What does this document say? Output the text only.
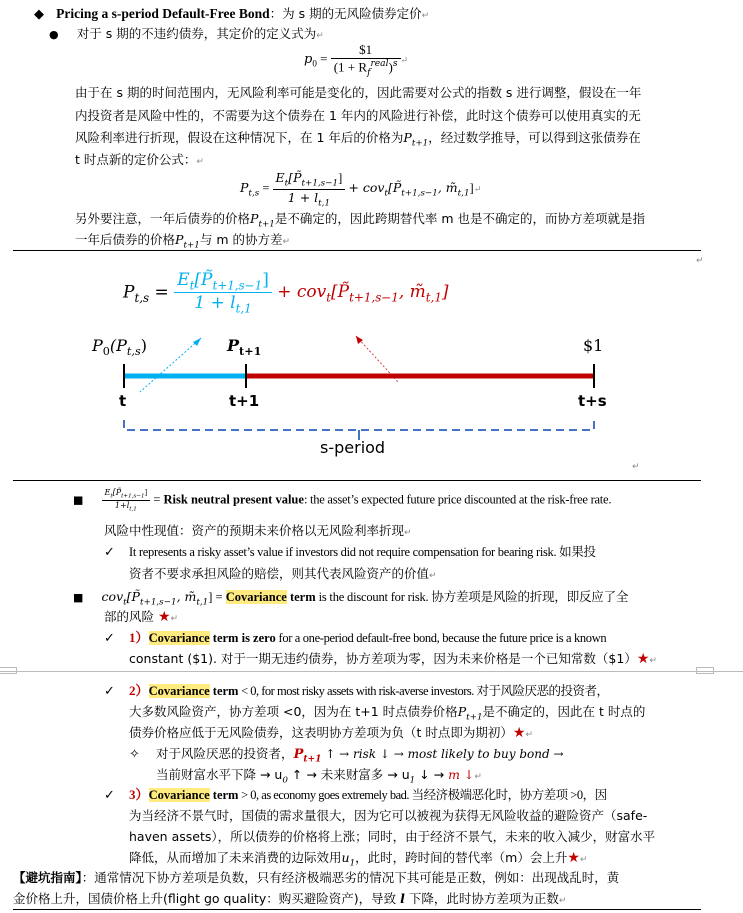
◆ Pricing a s-period Default-Free Bond：为 s 期的无风险债券定价↵
● 对于 s 期的不违约债券，其定价的定义式为↵
$p_0 = \frac{\$1}{(1 + R_f^{real})^s}$ ↵
由于在 s 期的时间范围内，无风险利率可能是变化的，因此需要对公式的指数 s 进行调整，假设在一年
内投资者是风险中性的，不需要为这个债券在 1 年内的风险进行补偿，此时这个债券可以使用真实的无
风险利率进行折现，假设在这种情况下，在 1 年后的价格为$P_{t+1}$，经过数学推导，可以得到这张债券在
t 时点新的定价公式：↵
$P_{t,s} = \frac{E_t[P̃_{t+1,s-1}]}{1 + l_{t,1}}$ + $cov_t[P̃_{t+1,s-1}$, $m̃_{t,1}]↵$
另外要注意，一年后债券的价格$P_{t+1}$是不确定的，因此跨期替代率 m 也是不确定的，而协方差项就是指
一年后债券的价格$P_{t+1}$与 m 的协方差↵
↵
$P_{t,s} = \frac{E_t[P̃_{t+1,s-1}]}{1 + l_{t,1}}$ + $cov_t[P̃_{t+1,s-1}$, $m̃_{t,1}$]
$P_0(P_{t,s})$	$P_{t+1}$	$1
t	t+1	t+s
s-period
↵
■ $\frac{E_t[P̃_{t+1,s-1}]}{1+l_{t,1}}$ = Risk neutral present value: the asset’s expected future price discounted at the risk-free rate.
风险中性现值：资产的预期未来价格以无风险利率折现↵
✓ It represents a risky asset’s value if investors did not require compensation for bearing risk. 如果投
资者不要求承担风险的赔偿，则其代表风险资产的价值↵
■ $cov_t[P̃_{t+1,s-1}$, $m̃_{t,1}$] = Covariance term is the discount for risk. 协方差项是风险的折现，即反应了全
部的风险 ★↵
✓ 1）Covariance term is zero for a one-period default-free bond, because the future price is a known
constant ($1). 对于一期无违约债券，协方差项为零，因为未来价格是一个已知常数（$1）★↵
✓ 2）Covariance term < 0, for most risky assets with risk-averse investors. 对于风险厌恶的投资者，
大多数风险资产，协方差项 <0，因为在 t+1 时点债券价格$P_{t+1}$是不确定的，因此在 t 时点的
债券价格应低于无风险债券，这表明协方差项为负（t 时点即为期初）★↵
✧ 对于风险厌恶的投资者，$P_{t+1}$ ↑ → risk ↓ → most likely to buy bond →
当前财富水平下降 → $u_0$ ↑ → 未来财富多 → $u_1$ ↓ → m ↓↵
✓ 3）Covariance term > 0, as economy goes extremely bad. 当经济极端恶化时，协方差项 >0，因
为当经济不景气时，国债的需求量很大，因为它可以被视为获得无风险收益的避险资产（safe-
haven assets），所以债券的价格将上涨；同时，由于经济不景气，未来的收入减少，财富水平
降低，从而增加了未来消费的边际效用$u_1$，此时，跨时间的替代率（m）会上升★↵
【避坑指南】：通常情况下协方差项是负数，只有经济极端恶劣的情况下其可能是正数，例如：出现战乱时，黄
金价格上升，国债价格上升(flight go quality：购买避险资产)，导致 l 下降，此时协方差项为正数↵
